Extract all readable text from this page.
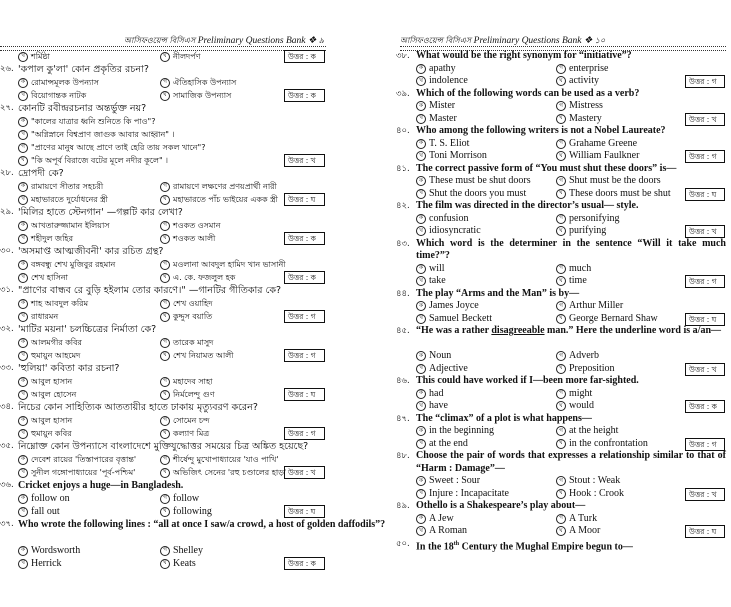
আসিফওয়েন্স বিসিএস Preliminary Questions Bank ❖ ৯
খ শর্মিষ্ঠা	ঘ নীলদর্পণ	উত্তর : ক
২৬. 'কপাল কু'লা' কোন প্রকৃতির রচনা?
ক রোমান্সমূলক উপন্যাস	গ ঐতিহাসিক উপন্যাস
খ বিয়োগান্তক নাটক	ঘ সামাজিক উপন্যাস	উত্তর : ক
২৭. কোনটি রবীন্দ্ররচনার অন্তর্ভুক্ত নয়?
ক "কালের যাত্রার ধ্বনি শুনিতে কি পাও"?
খ "অগ্নিস্নানে বিশ্বপ্রাণ জাগুক আবার আহ্বান" ।
গ "প্রাণের মানুষ আছে প্রাণে তাই হেরি তায় সকল খানে"?
ঘ "কি অপূর্ব বিরাজে বটের মূলে নদীর কূলে" ।	উত্তর : খ
২৮. দ্রোপদী কে?
ক রামায়ণে সীতার সহচরী	গ রামায়ণে লক্ষণের প্রণয়প্রার্থী নারী
খ মহাভারতে দুর্যোধনের স্ত্রী	ঘ মহাভারতে পাঁচ ভাইয়ের একক স্ত্রী	উত্তর : ঘ
২৯. 'মিলির হাতে স্টেনগান' —গল্পটি কার লেখা?
ক আখতারুজ্জামান ইলিয়াস	গ শওকত ওসমান
খ শহীদুল জহির	ঘ শওকত আলী	উত্তর : ক
৩০. 'অসমাপ্ত আত্মজীবনী' কার রচিত গ্রন্থ?
ক বঙ্গবন্ধু শেখ মুজিবুর রহমান	গ মওলানা আবদুল হামিদ খান ভাসানী
খ শেখ হাসিনা	ঘ এ. কে. ফজলুল হক	উত্তর : ক
৩১. "প্রাণের বান্ধব রে বুড়ি হইলাম তোর কারণে।" —গানটির গীতিকার কে?
ক শাহ আবদুল করিম	গ শেখ ওয়াহিদ
খ রাধারমন	ঘ কুদ্দুস বয়াতি	উত্তর : গ
৩২. 'মাটির ময়না' চলচ্চিত্রের নির্মাতা কে?
ক আলমগীর কবির	গ তারেক মাসুদ
খ হুমায়ুন আহমেদ	ঘ শেখ নিয়ামত আলী	উত্তর : গ
৩৩. 'হুলিয়া' কবিতা কার রচনা?
ক আবুল হাসান	গ মহাদেব সাহা
খ আবুল হোসেন	ঘ নির্মলেন্দু গুণ	উত্তর : ঘ
৩৪. নিচের কোন সাহিত্যিক আততায়ীর হাতে ঢাকায় মৃত্যুবরণ করেন?
ক আবুল হাসান	গ সোমেন চন্দ
খ হুমায়ুন কবির	ঘ কল্যাণ মিত্র	উত্তর : গ
৩৫. নিম্নোক্ত কোন উপন্যাসে বাংলাদেশে মুক্তিযুদ্ধোত্তর সময়ের চিত্র অঙ্কিত হয়েছে?
ক দেবেশ রায়ের 'তিস্তাপারের বৃত্তান্ত'	গ শীর্ষেন্দু মুখোপাধ্যায়ের 'যাও পাখি'
খ সুনীল গঙ্গোপাধ্যায়ের 'পূর্ব-পশ্চিম'	ঘ অভিজিৎ সেনের 'রহু চণ্ডালের হাড়' উত্তর : খ
৩৬. Cricket enjoys a huge—in Bangladesh.
ক follow on	গ follow
খ fall out	ঘ following	উত্তর : ঘ
৩৭. Who wrote the following lines : “all at once I saw/a crowd, a host of golden daffodils”?
ক Wordsworth	গ Shelley
খ Herrick	ঘ Keats	উত্তর : ক
আসিফওয়েন্স বিসিএস Preliminary Questions Bank ❖ ১০
৩৮. What would be the right synonym for “initiative”?
ক apathy	গ enterprise
খ indolence	ঘ activity	উত্তর : গ
৩৯. Which of the following words can be used as a verb?
ক Mister	গ Mistress
খ Master	ঘ Mastery	উত্তর : খ
৪০. Who among the following writers is not a Nobel Laureate?
ক T. S. Eliot	গ Grahame Greene
খ Toni Morrison	ঘ William Faulkner	উত্তর : গ
৪১. The correct passive form of “You must shut these doors” is—
ক These must be shut doors	গ Shut must be the doors
খ Shut the doors you must	ঘ These doors must be shut	উত্তর : ঘ
৪২. The film was directed in the director’s usual— style.
ক confusion	গ personifying
খ idiosyncratic	ঘ purifying	উত্তর : খ
৪৩. Which word is the determiner in the sentence “Will it take much time?”?
ক will	গ much
খ take	ঘ time	উত্তর : গ
৪৪. The play “Arms and the Man” is by—
ক James Joyce	গ Arthur Miller
খ Samuel Beckett	ঘ George Bernard Shaw	উত্তর : ঘ
৪৫. “He was a rather disagreeable man.” Here the underline word is a/an—
ক Noun	গ Adverb
খ Adjective	ঘ Preposition	উত্তর : খ
৪৬. This could have worked if I—been more far-sighted.
ক had	গ might
খ have	ঘ would	উত্তর : ক
৪৭. The “climax” of a plot is what happens—
ক in the beginning	গ at the height
খ at the end	ঘ in the confrontation	উত্তর : গ
৪৮. Choose the pair of words that expresses a relationship similar to that of “Harm : Damage”—
ক Sweet : Sour	গ Stout : Weak
খ Injure : Incapacitate	ঘ Hook : Crook	উত্তর : খ
৪৯. Othello is a Shakespeare’s play about—
ক A Jew	গ A Turk
খ A Roman	ঘ A Moor	উত্তর : ঘ
৫০. In the 18th Century the Mughal Empire begun to—
